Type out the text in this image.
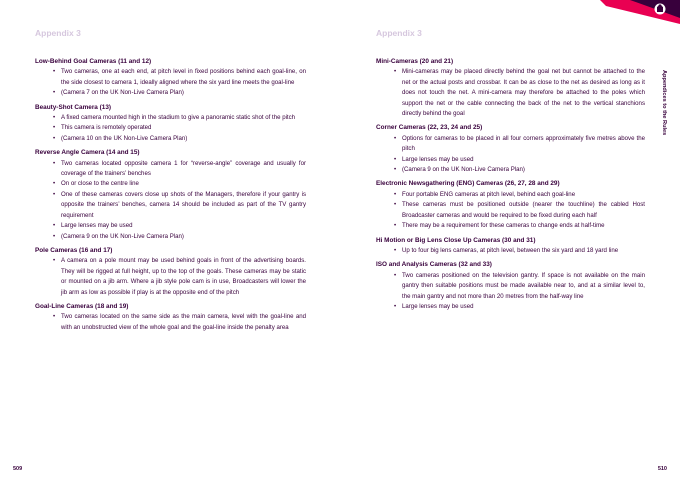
Appendix 3
Low-Behind Goal Cameras (11 and 12)
• Two cameras, one at each end, at pitch level in fixed positions behind each goal-line, on the side closest to camera 1, ideally aligned where the six yard line meets the goal-line
• (Camera 7 on the UK Non-Live Camera Plan)
Beauty-Shot Camera (13)
• A fixed camera mounted high in the stadium to give a panoramic static shot of the pitch
• This camera is remotely operated
• (Camera 10 on the UK Non-Live Camera Plan)
Reverse Angle Camera (14 and 15)
• Two cameras located opposite camera 1 for “reverse-angle” coverage and usually for coverage of the trainers’ benches
• On or close to the centre line
• One of these cameras covers close up shots of the Managers, therefore if your gantry is opposite the trainers’ benches, camera 14 should be included as part of the TV gantry requirement
• Large lenses may be used
• (Camera 9 on the UK Non-Live Camera Plan)
Pole Cameras (16 and 17)
• A camera on a pole mount may be used behind goals in front of the advertising boards. They will be rigged at full height, up to the top of the goals. These cameras may be static or mounted on a jib arm. Where a jib style pole cam is in use, Broadcasters will lower the jib arm as low as possible if play is at the opposite end of the pitch
Goal-Line Cameras (18 and 19)
• Two cameras located on the same side as the main camera, level with the goal-line and with an unobstructed view of the whole goal and the goal-line inside the penalty area
509
Appendix 3
Mini-Cameras (20 and 21)
• Mini-cameras may be placed directly behind the goal net but cannot be attached to the net or the actual posts and crossbar. It can be as close to the net as desired as long as it does not touch the net. A mini-camera may therefore be attached to the poles which support the net or the cable connecting the back of the net to the vertical stanchions directly behind the goal
Corner Cameras (22, 23, 24 and 25)
• Options for cameras to be placed in all four corners approximately five metres above the pitch
• Large lenses may be used
• (Camera 9 on the UK Non-Live Camera Plan)
Electronic Newsgathering (ENG) Cameras (26, 27, 28 and 29)
• Four portable ENG cameras at pitch level, behind each goal-line
• These cameras must be positioned outside (nearer the touchline) the cabled Host Broadcaster cameras and would be required to be fixed during each half
• There may be a requirement for these cameras to change ends at half-time
Hi Motion or Big Lens Close Up Cameras (30 and 31)
• Up to four big lens cameras, at pitch level, between the six yard and 18 yard line
ISO and Analysis Cameras (32 and 33)
• Two cameras positioned on the television gantry. If space is not available on the main gantry then suitable positions must be made available near to, and at a similar level to, the main gantry and not more than 20 metres from the half-way line
• Large lenses may be used
510
Appendices to the Rules
